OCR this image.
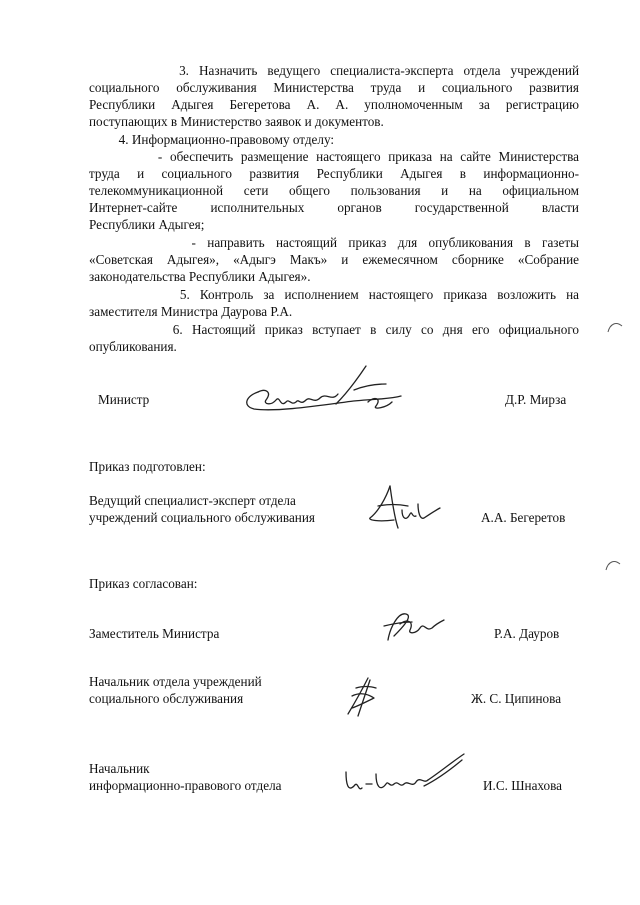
3. Назначить ведущего специалиста-эксперта отдела учреждений
социального обслуживания Министерства труда и социального развития
Республики Адыгея Бегеретова А. А. уполномоченным за регистрацию
поступающих в Министерство заявок и документов.
4. Информационно-правовому отделу:
- обеспечить размещение настоящего приказа на сайте Министерства
труда и социального развития Республики Адыгея в информационно-
телекоммуникационной сети общего пользования и на официальном
Интернет-сайте исполнительных органов государственной власти
Республики Адыгея;
- направить настоящий приказ для опубликования в газеты
«Советская Адыгея», «Адыгэ Макъ» и ежемесячном сборнике «Собрание
законодательства Республики Адыгея».
5. Контроль за исполнением настоящего приказа возложить на
заместителя Министра Даурова Р.А.
6. Настоящий приказ вступает в силу со дня его официального
опубликования.
Министр	Д.Р. Мирза
Приказ подготовлен:
Ведущий специалист-эксперт отдела
учреждений социального обслуживания	А.А. Бегеретов
Приказ согласован:
Заместитель Министра	Р.А. Дауров
Начальник отдела учреждений
социального обслуживания	Ж. С. Ципинова
Начальник
информационно-правового отдела	И.С. Шнахова
